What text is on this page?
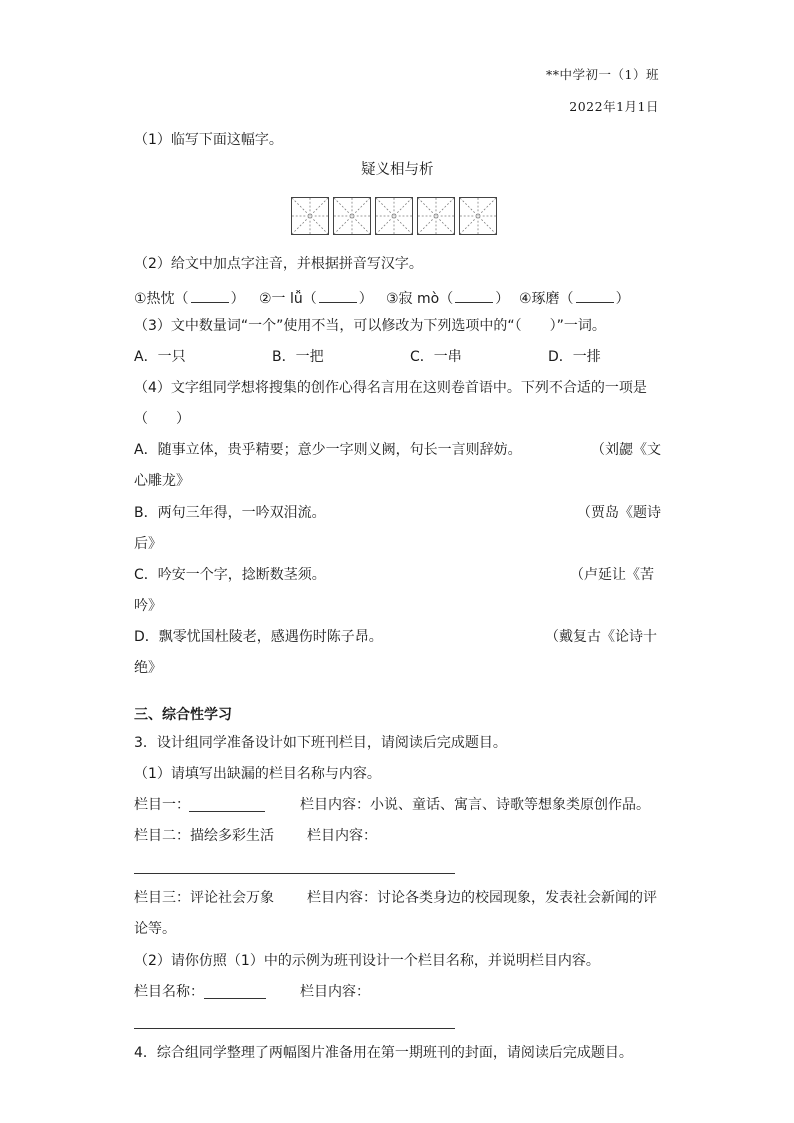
**中学初一（1）班
2022年1月1日
（1）临写下面这幅字。
疑义相与析
（2）给文中加点字注音，并根据拼音写汉字。
①热忱（	） ②一 lǚ（	） ③寂 mò（	） ④琢磨（	）
（3）文中数量词“一个”使用不当，可以修改为下列选项中的“（　　）”一词。
A．一只	B．一把	C．一串	D．一排
（4）文字组同学想将搜集的创作心得名言用在这则卷首语中。下列不合适的一项是
（　　）
A．随事立体，贵乎精要；意少一字则义阙，句长一言则辞妨。	（刘勰《文
心雕龙》
B．两句三年得，一吟双泪流。	（贾岛《题诗
后》
C．吟安一个字，捻断数茎须。	（卢延让《苦
吟》
D．飘零忧国杜陵老，感遇伤时陈子昂。	（戴复古《论诗十
绝》
三、综合性学习
3．设计组同学准备设计如下班刊栏目，请阅读后完成题目。
（1）请填写出缺漏的栏目名称与内容。
栏目一：	栏目内容：小说、童话、寓言、诗歌等想象类原创作品。
栏目二：描绘多彩生活 栏目内容：
栏目三：评论社会万象 栏目内容：讨论各类身边的校园现象，发表社会新闻的评
论等。
（2）请你仿照（1）中的示例为班刊设计一个栏目名称，并说明栏目内容。
栏目名称：	栏目内容：
4．综合组同学整理了两幅图片准备用在第一期班刊的封面，请阅读后完成题目。
